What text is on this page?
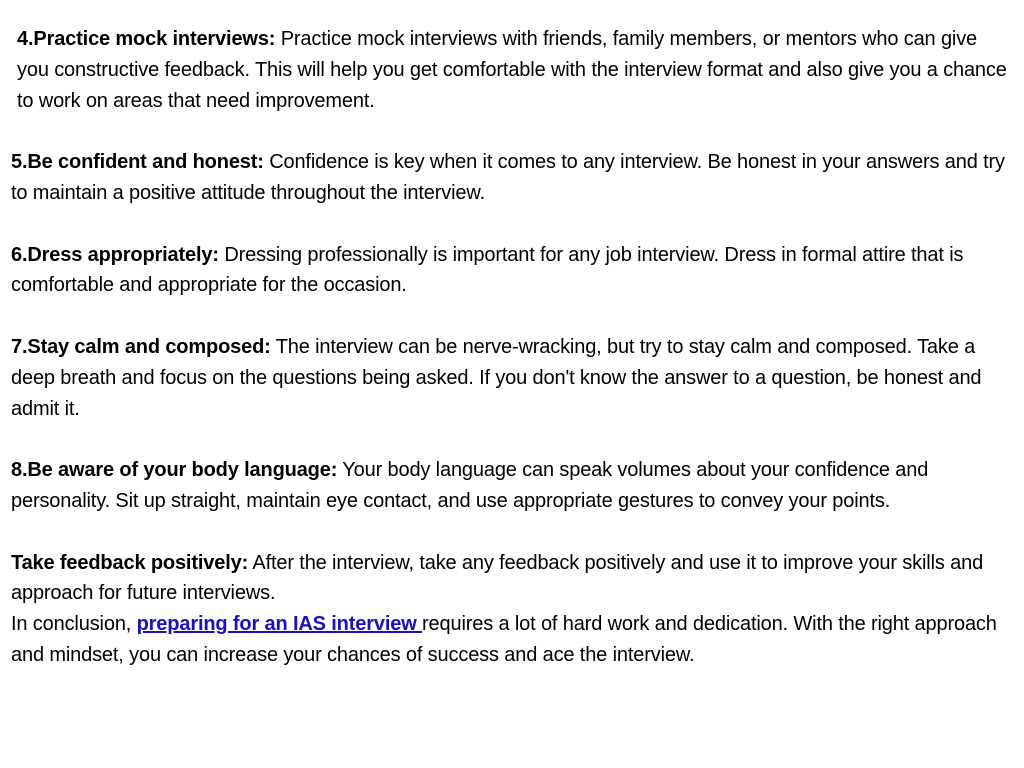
4.Practice mock interviews: Practice mock interviews with friends, family members, or mentors who can give you constructive feedback. This will help you get comfortable with the interview format and also give you a chance to work on areas that need improvement.

5.Be confident and honest: Confidence is key when it comes to any interview. Be honest in your answers and try to maintain a positive attitude throughout the interview.

6.Dress appropriately: Dressing professionally is important for any job interview. Dress in formal attire that is comfortable and appropriate for the occasion.

7.Stay calm and composed: The interview can be nerve-wracking, but try to stay calm and composed. Take a deep breath and focus on the questions being asked. If you don't know the answer to a question, be honest and admit it.

8.Be aware of your body language: Your body language can speak volumes about your confidence and personality. Sit up straight, maintain eye contact, and use appropriate gestures to convey your points.

Take feedback positively: After the interview, take any feedback positively and use it to improve your skills and approach for future interviews.

In conclusion, preparing for an IAS interview requires a lot of hard work and dedication. With the right approach and mindset, you can increase your chances of success and ace the interview.
